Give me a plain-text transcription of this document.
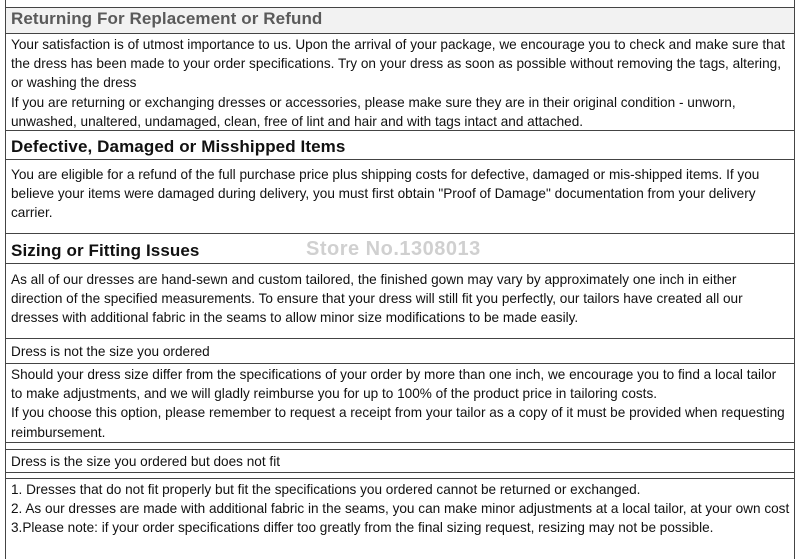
Returning For Replacement or Refund

Your satisfaction is of utmost importance to us. Upon the arrival of your package, we encourage you to check and make sure that the dress has been made to your order specifications. Try on your dress as soon as possible without removing the tags, altering, or washing the dress

If you are returning or exchanging dresses or accessories, please make sure they are in their original condition - unworn, unwashed, unaltered, undamaged, clean, free of lint and hair and with tags intact and attached.

Defective, Damaged or Misshipped Items

You are eligible for a refund of the full purchase price plus shipping costs for defective, damaged or mis-shipped items. If you believe your items were damaged during delivery, you must first obtain "Proof of Damage" documentation from your delivery carrier.

Sizing or Fitting Issues

As all of our dresses are hand-sewn and custom tailored, the finished gown may vary by approximately one inch in either direction of the specified measurements. To ensure that your dress will still fit you perfectly, our tailors have created all our dresses with additional fabric in the seams to allow minor size modifications to be made easily.

Dress is not the size you ordered

Should your dress size differ from the specifications of your order by more than one inch, we encourage you to find a local tailor to make adjustments, and we will gladly reimburse you for up to 100% of the product price in tailoring costs.

If you choose this option, please remember to request a receipt from your tailor as a copy of it must be provided when requesting reimbursement.

Dress is the size you ordered but does not fit

1. Dresses that do not fit properly but fit the specifications you ordered cannot be returned or exchanged.

2. As our dresses are made with additional fabric in the seams, you can make minor adjustments at a local tailor, at your own cost

3.Please note: if your order specifications differ too greatly from the final sizing request, resizing may not be possible.

Store No.1308013
